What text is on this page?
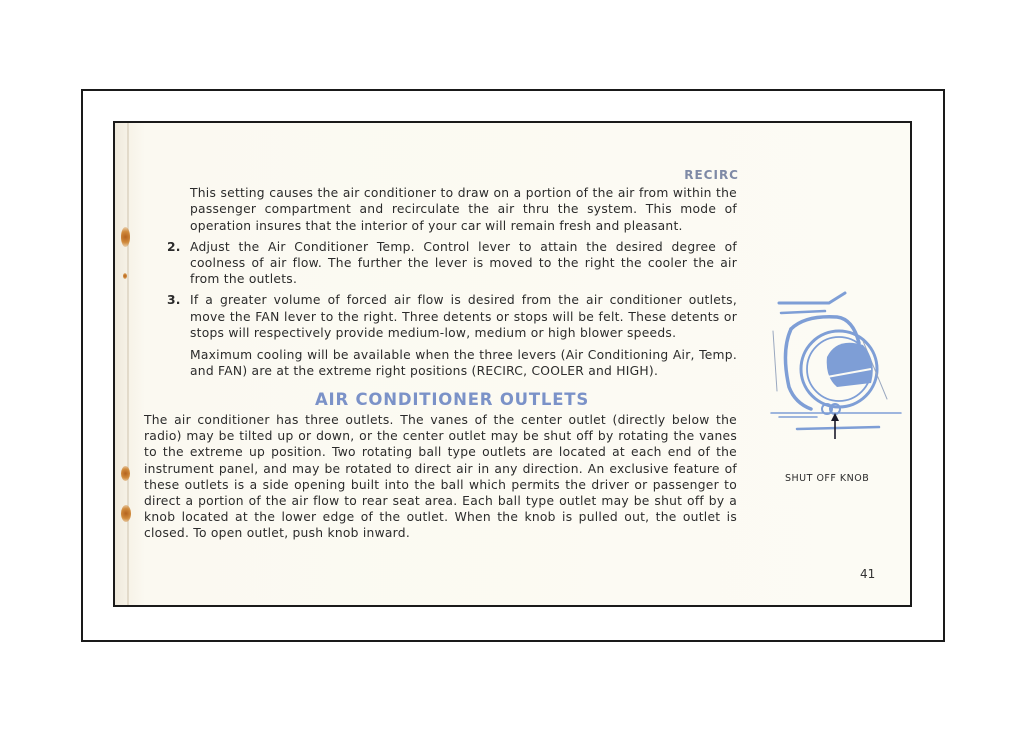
RECIRC

This setting causes the air conditioner to draw on a portion of the air from within the passenger compartment and recirculate the air thru the system. This mode of operation insures that the interior of your car will remain fresh and pleasant.

2. Adjust the Air Conditioner Temp. Control lever to attain the desired degree of coolness of air flow. The further the lever is moved to the right the cooler the air from the outlets.
3. If a greater volume of forced air flow is desired from the air conditioner outlets, move the FAN lever to the right. Three detents or stops will be felt. These detents or stops will respectively provide medium-low, medium or high blower speeds.

Maximum cooling will be available when the three levers (Air Conditioning Air, Temp. and FAN) are at the extreme right positions (RECIRC, COOLER and HIGH).

AIR CONDITIONER OUTLETS

The air conditioner has three outlets. The vanes of the center outlet (directly below the radio) may be tilted up or down, or the center outlet may be shut off by rotating the vanes to the extreme up position. Two rotating ball type outlets are located at each end of the instrument panel, and may be rotated to direct air in any direction. An exclusive feature of these outlets is a side opening built into the ball which permits the driver or passenger to direct a portion of the air flow to rear seat area. Each ball type outlet may be shut off by a knob located at the lower edge of the outlet. When the knob is pulled out, the outlet is closed. To open outlet, push knob inward.

SHUT OFF KNOB
41
